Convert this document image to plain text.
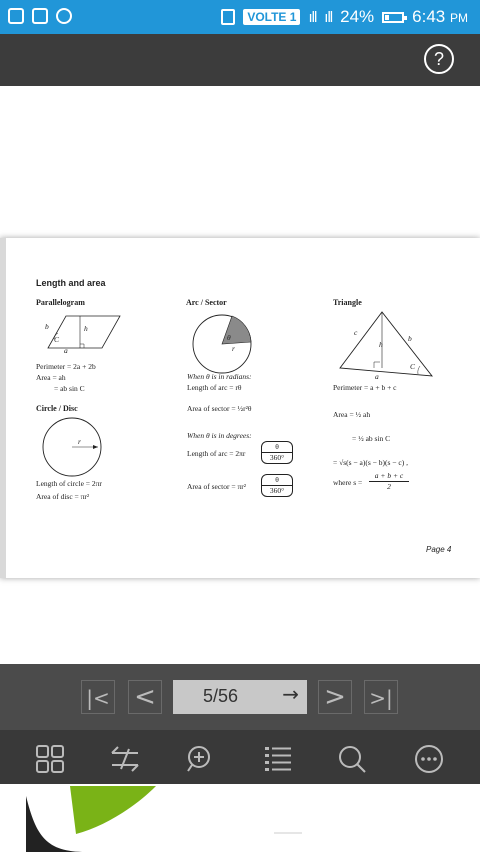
VOLTE 1 ıll ıll 24% 6:43 PM
?
Length and area
Parallelogram
b	h
C
a
Perimeter = 2a + 2b
Area = ah
= ab sin C
Circle / Disc
r
Length of circle = 2πr
Area of disc = πr²
Arc / Sector
θ
r
When θ is in radians:
Length of arc = rθ
Area of sector = ½r²θ
When θ is in degrees:
Length of arc = $2\pi r \frac{\theta}{360^\circ}$
Area of sector = $\pi r^2 \frac{\theta}{360^\circ}$
Triangle
c
b
h
C
a
Perimeter = a + b + c
Area = ½ ah
= ½ ab sin C
= √s(s − a)(s − b)(s − c) ,
where $s = \frac{a + b + c}{2}$
Page 4
|< <	5/56 → >	>|
